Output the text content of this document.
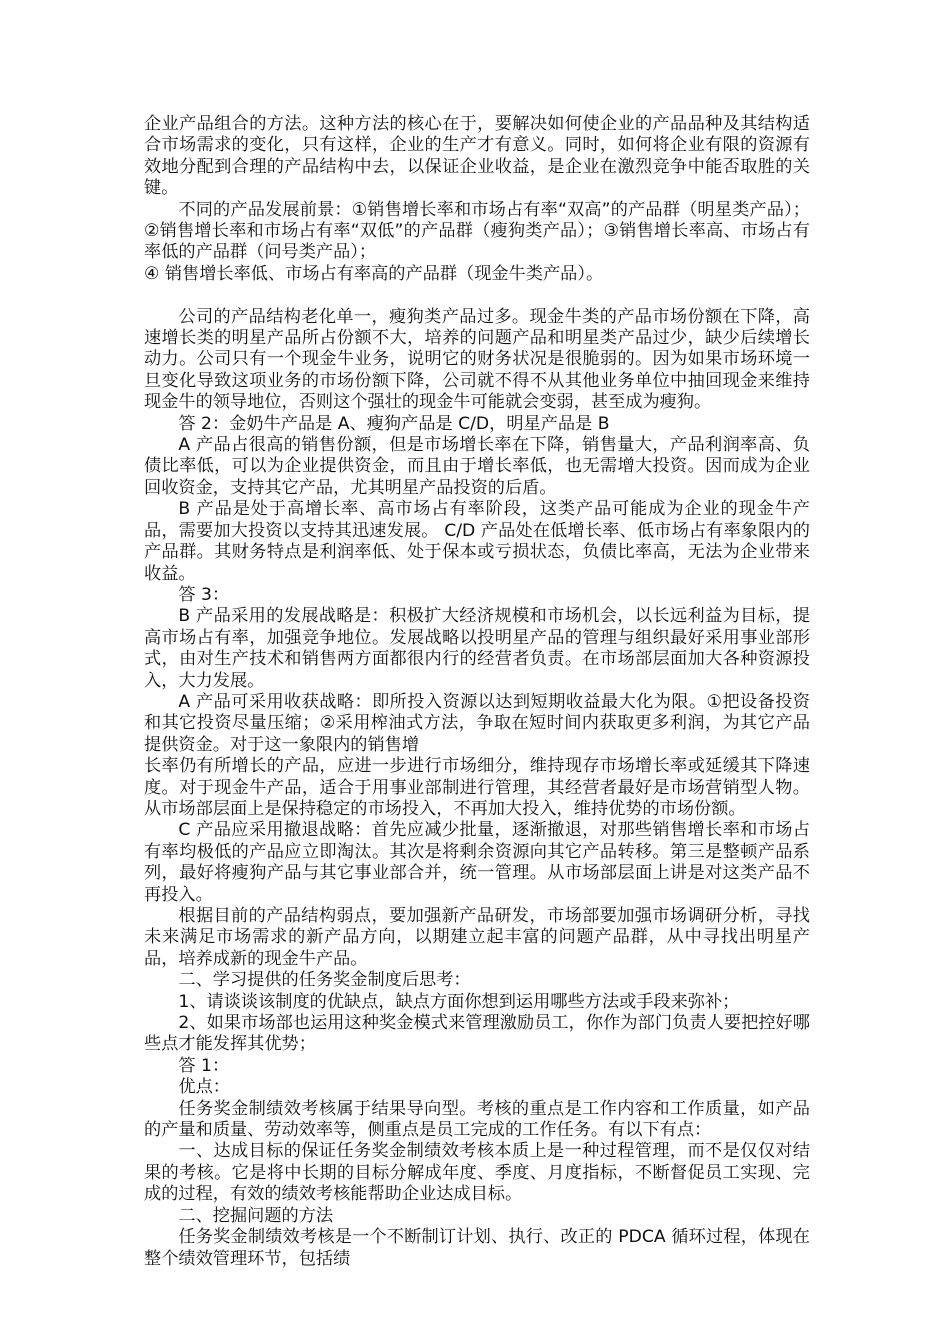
企业产品组合的方法。这种方法的核心在于，要解决如何使企业的产品品种及其结构适合市场需求的变化，只有这样，企业的生产才有意义。同时，如何将企业有限的资源有效地分配到合理的产品结构中去，以保证企业收益，是企业在激烈竞争中能否取胜的关键。

不同的产品发展前景：①销售增长率和市场占有率“双高”的产品群（明星类产品）；②销售增长率和市场占有率“双低”的产品群（瘦狗类产品）；③销售增长率高、市场占有率低的产品群（问号类产品）；

④ 销售增长率低、市场占有率高的产品群（现金牛类产品）。

公司的产品结构老化单一，瘦狗类产品过多。现金牛类的产品市场份额在下降，高速增长类的明星产品所占份额不大，培养的问题产品和明星类产品过少，缺少后续增长动力。公司只有一个现金牛业务，说明它的财务状况是很脆弱的。因为如果市场环境一旦变化导致这项业务的市场份额下降，公司就不得不从其他业务单位中抽回现金来维持现金牛的领导地位，否则这个强壮的现金牛可能就会变弱，甚至成为瘦狗。

答 2：金奶牛产品是 A、瘦狗产品是 C/D，明星产品是 B

A 产品占很高的销售份额，但是市场增长率在下降，销售量大，产品利润率高、负债比率低，可以为企业提供资金，而且由于增长率低，也无需增大投资。因而成为企业回收资金，支持其它产品，尤其明星产品投资的后盾。

B 产品是处于高增长率、高市场占有率阶段，这类产品可能成为企业的现金牛产品，需要加大投资以支持其迅速发展。 C/D 产品处在低增长率、低市场占有率象限内的产品群。其财务特点是利润率低、处于保本或亏损状态，负债比率高，无法为企业带来收益。

答 3：

B 产品采用的发展战略是：积极扩大经济规模和市场机会，以长远利益为目标，提高市场占有率，加强竞争地位。发展战略以投明星产品的管理与组织最好采用事业部形式，由对生产技术和销售两方面都很内行的经营者负责。在市场部层面加大各种资源投入，大力发展。

A 产品可采用收获战略：即所投入资源以达到短期收益最大化为限。①把设备投资和其它投资尽量压缩；②采用榨油式方法，争取在短时间内获取更多利润，为其它产品提供资金。对于这一象限内的销售增

长率仍有所增长的产品，应进一步进行市场细分，维持现存市场增长率或延缓其下降速度。对于现金牛产品，适合于用事业部制进行管理，其经营者最好是市场营销型人物。从市场部层面上是保持稳定的市场投入，不再加大投入，维持优势的市场份额。

C 产品应采用撤退战略：首先应减少批量，逐渐撤退，对那些销售增长率和市场占有率均极低的产品应立即淘汰。其次是将剩余资源向其它产品转移。第三是整顿产品系列，最好将瘦狗产品与其它事业部合并，统一管理。从市场部层面上讲是对这类产品不再投入。

根据目前的产品结构弱点，要加强新产品研发，市场部要加强市场调研分析，寻找未来满足市场需求的新产品方向，以期建立起丰富的问题产品群，从中寻找出明星产品，培养成新的现金牛产品。

二、学习提供的任务奖金制度后思考：

1、请谈谈该制度的优缺点，缺点方面你想到运用哪些方法或手段来弥补；

2、如果市场部也运用这种奖金模式来管理激励员工，你作为部门负责人要把控好哪些点才能发挥其优势；

答 1：

优点：

任务奖金制绩效考核属于结果导向型。考核的重点是工作内容和工作质量，如产品的产量和质量、劳动效率等，侧重点是员工完成的工作任务。有以下有点：

一、达成目标的保证任务奖金制绩效考核本质上是一种过程管理，而不是仅仅对结果的考核。它是将中长期的目标分解成年度、季度、月度指标，不断督促员工实现、完成的过程，有效的绩效考核能帮助企业达成目标。

二、挖掘问题的方法

任务奖金制绩效考核是一个不断制订计划、执行、改正的 PDCA 循环过程，体现在整个绩效管理环节，包括绩
